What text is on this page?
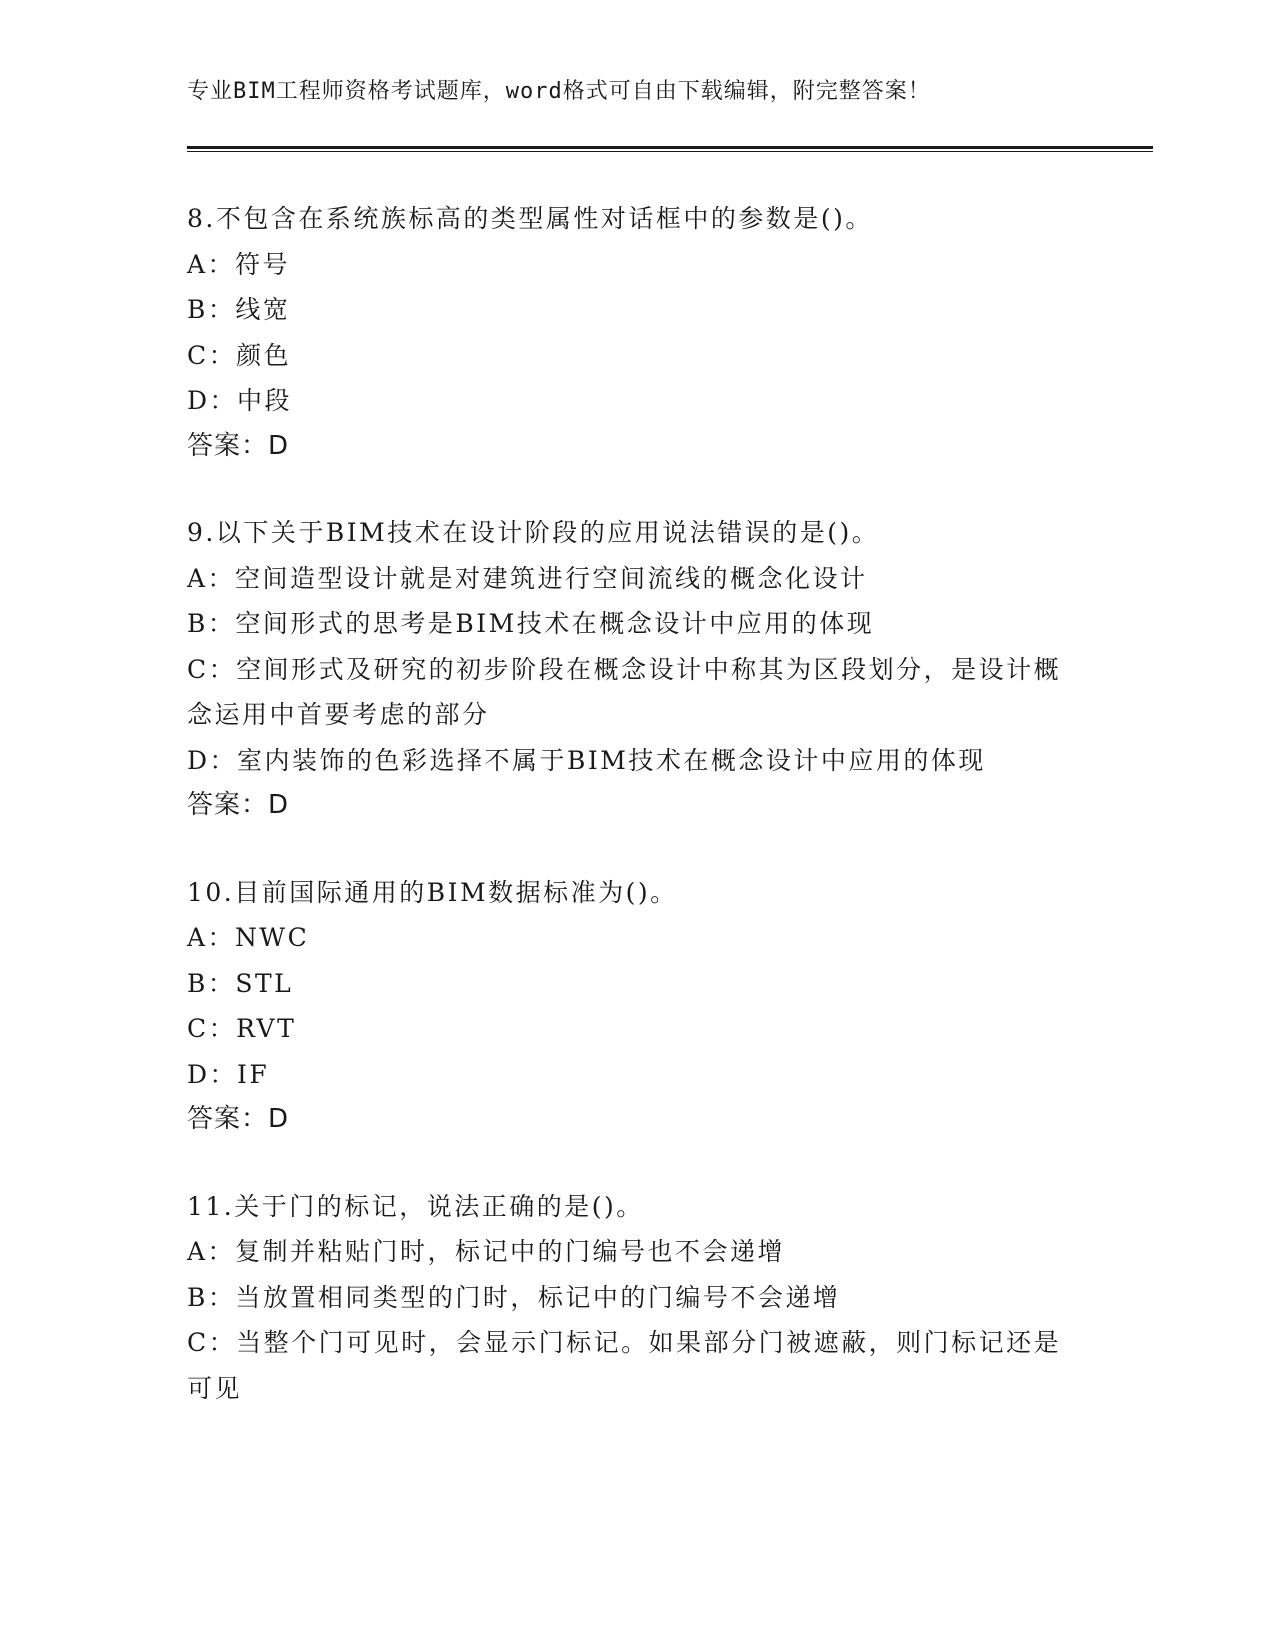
专业BIM工程师资格考试题库，word格式可自由下载编辑，附完整答案！
8.不包含在系统族标高的类型属性对话框中的参数是()。
A：符号
B：线宽
C：颜色
D：中段
答案：D
9.以下关于BIM技术在设计阶段的应用说法错误的是()。
A：空间造型设计就是对建筑进行空间流线的概念化设计
B：空间形式的思考是BIM技术在概念设计中应用的体现
C：空间形式及研究的初步阶段在概念设计中称其为区段划分，是设计概念运用中首要考虑的部分
D：室内装饰的色彩选择不属于BIM技术在概念设计中应用的体现
答案：D
10.目前国际通用的BIM数据标准为()。
A：NWC
B：STL
C：RVT
D：IF
答案：D
11.关于门的标记，说法正确的是()。
A：复制并粘贴门时，标记中的门编号也不会递增
B：当放置相同类型的门时，标记中的门编号不会递增
C：当整个门可见时，会显示门标记。如果部分门被遮蔽，则门标记还是可见
